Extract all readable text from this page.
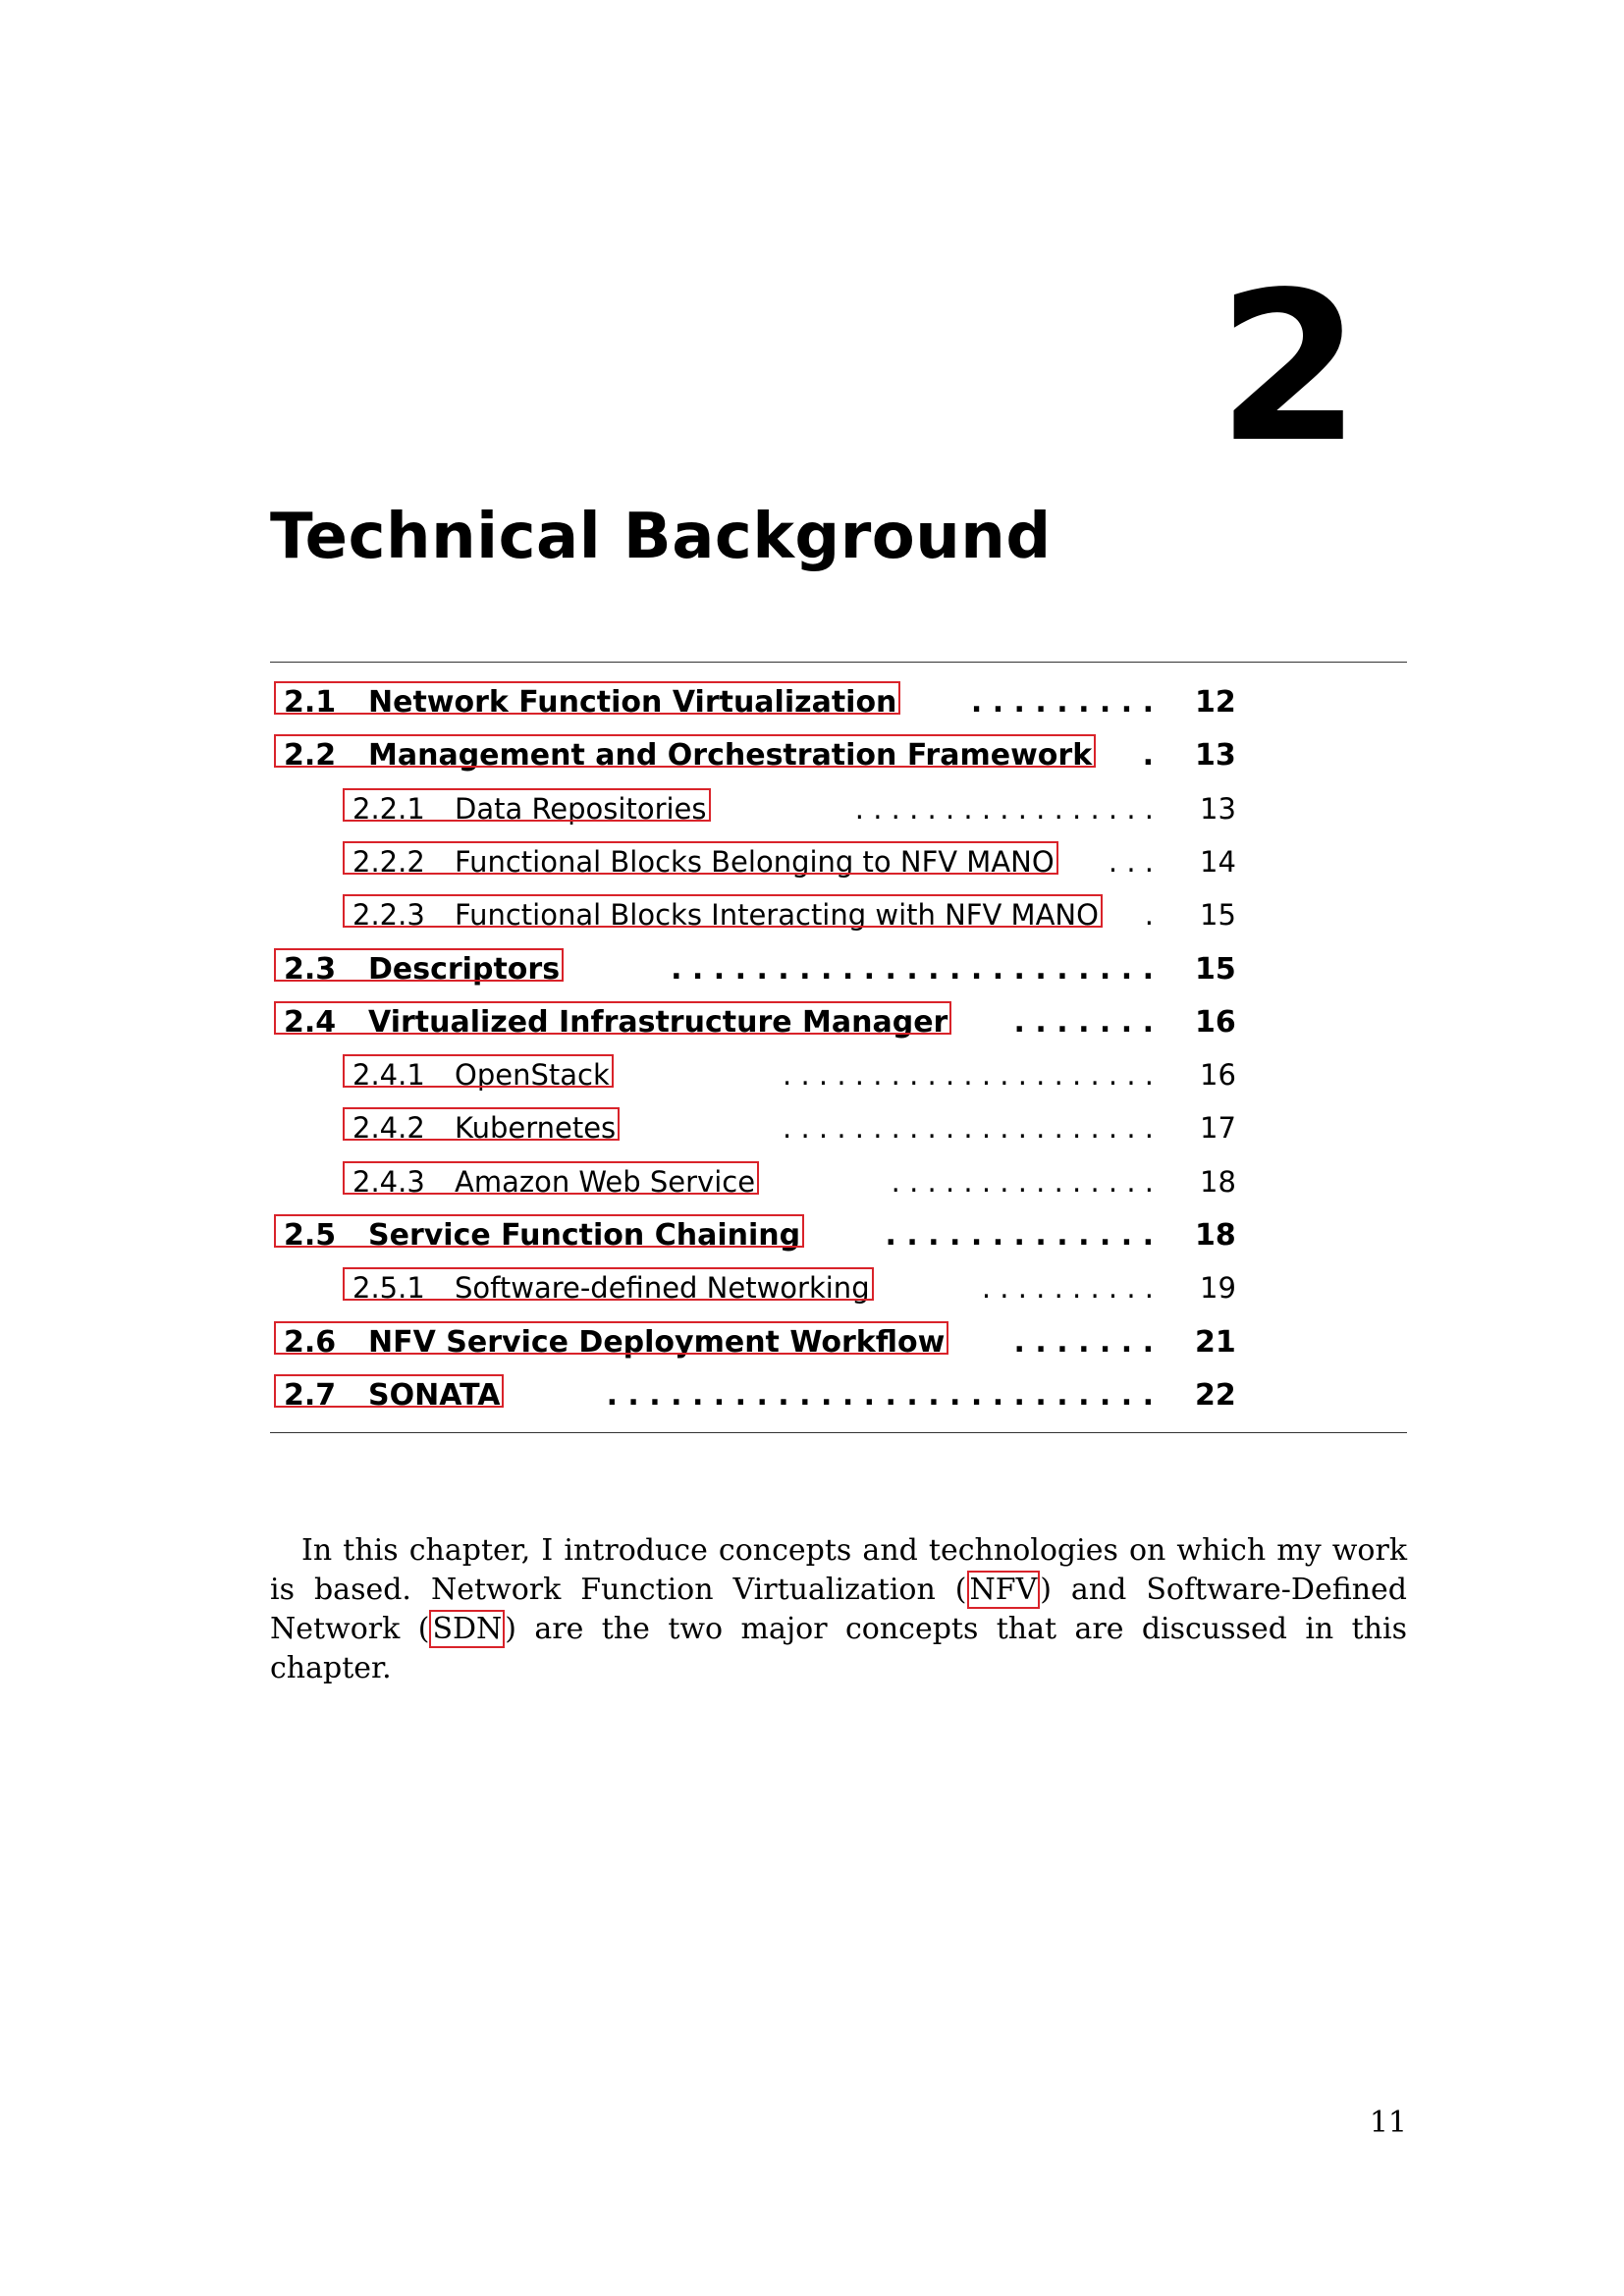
2
Technical Background
2.1 Network Function Virtualization	. . . . . . . . . 12
2.2 Management and Orchestration Framework	. 13
2.2.1 Data Repositories	. . . . . . . . . . . . . . . . . 13
2.2.2 Functional Blocks Belonging to NFV MANO	. . . 14
2.2.3 Functional Blocks Interacting with NFV MANO	. 15
2.3 Descriptors	. . . . . . . . . . . . . . . . . . . . . . . 15
2.4 Virtualized Infrastructure Manager	. . . . . . . 16
2.4.1 OpenStack	. . . . . . . . . . . . . . . . . . . . . 16
2.4.2 Kubernetes	. . . . . . . . . . . . . . . . . . . . . 17
2.4.3 Amazon Web Service	. . . . . . . . . . . . . . . 18
2.5 Service Function Chaining	. . . . . . . . . . . . . 18
2.5.1 Software-defined Networking	. . . . . . . . . . 19
2.6 NFV Service Deployment Workflow	. . . . . . . 21
2.7 SONATA	. . . . . . . . . . . . . . . . . . . . . . . . . . 22

In this chapter, I introduce concepts and technologies on which my work is based. Network Function Virtualization ( NFV ) and Software-Defined Network ( SDN ) are the two major concepts that are discussed in this chapter.

11
